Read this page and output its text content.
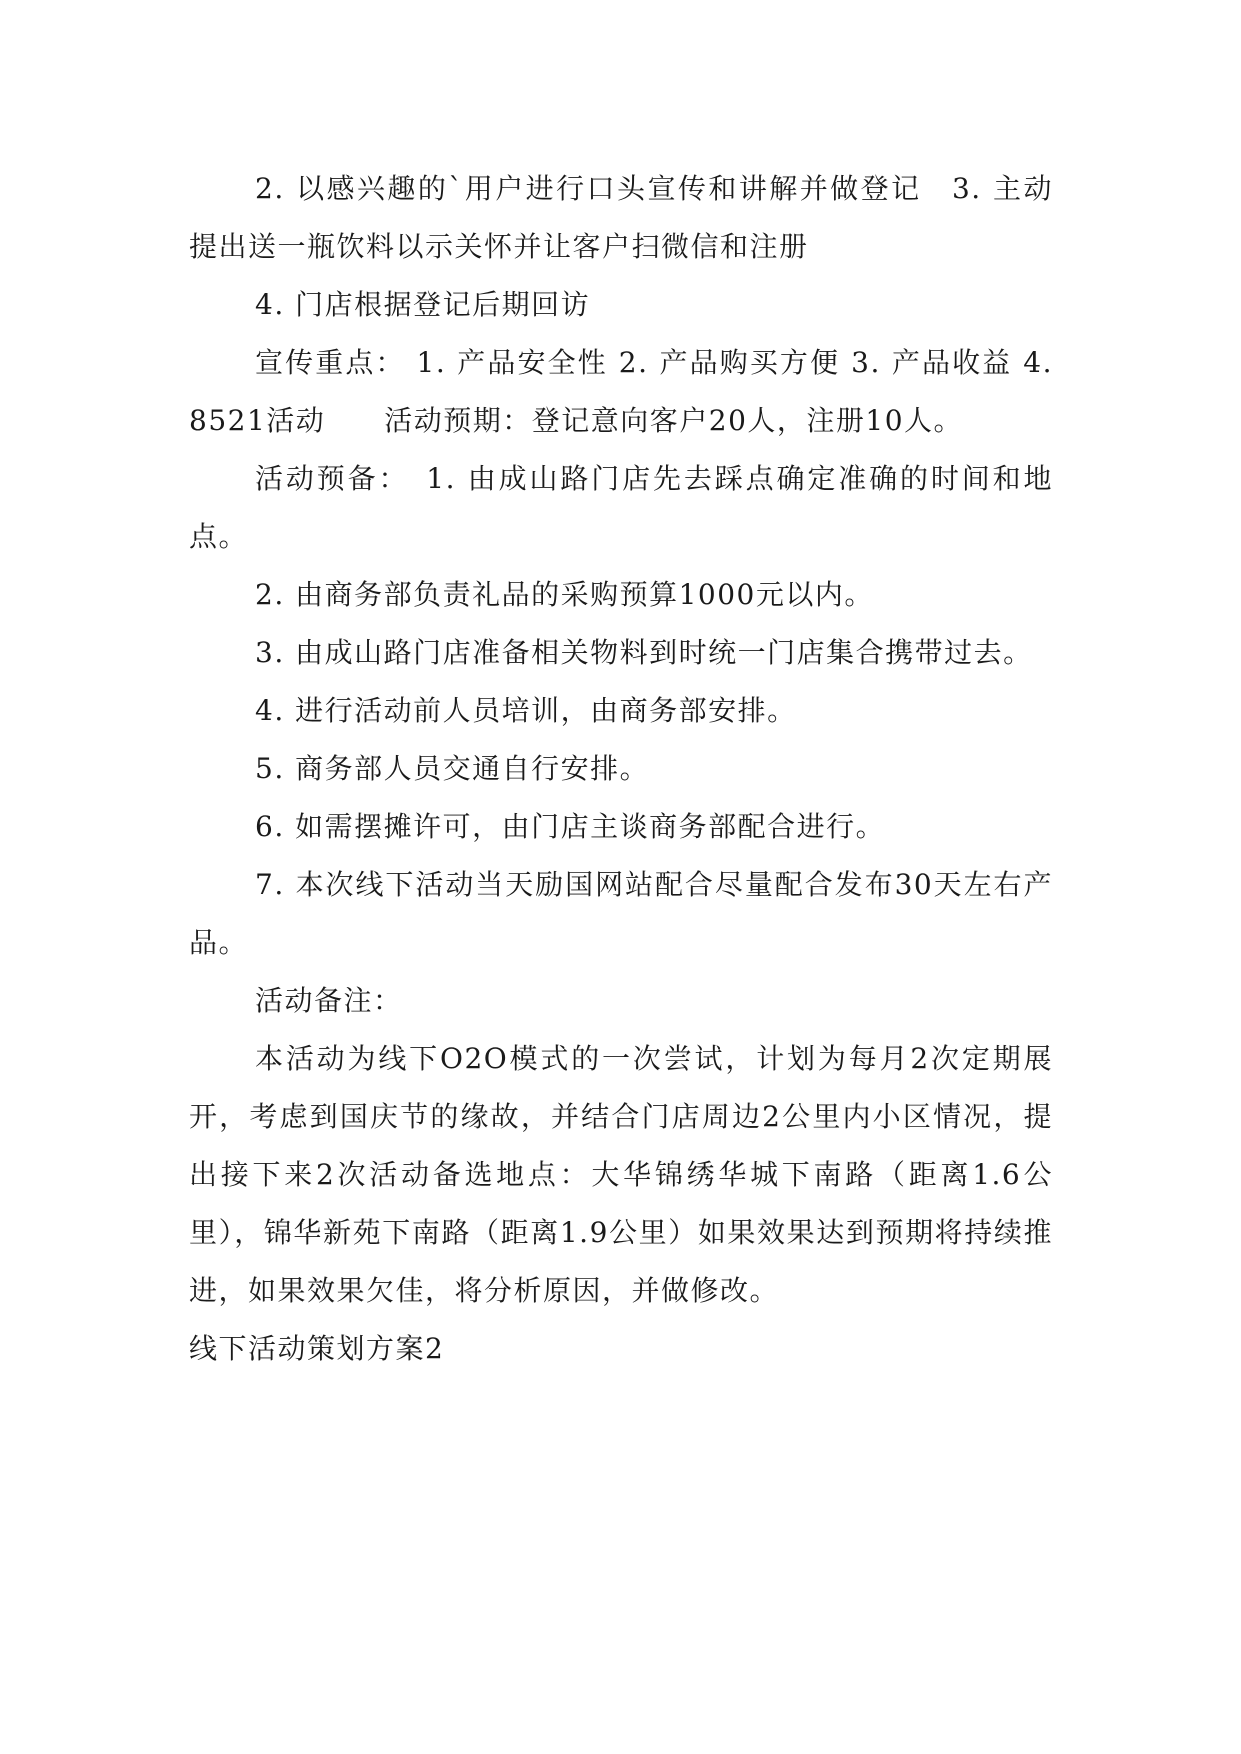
2. 以感兴趣的`用户进行口头宣传和讲解并做登记　3. 主动提出送一瓶饮料以示关怀并让客户扫微信和注册

4. 门店根据登记后期回访

宣传重点： 1. 产品安全性 2. 产品购买方便 3. 产品收益 4. 8521活动　　活动预期：登记意向客户20人，注册10人。

活动预备：　1. 由成山路门店先去踩点确定准确的时间和地点。

2. 由商务部负责礼品的采购预算1000元以内。

3. 由成山路门店准备相关物料到时统一门店集合携带过去。

4. 进行活动前人员培训，由商务部安排。

5. 商务部人员交通自行安排。

6. 如需摆摊许可，由门店主谈商务部配合进行。

7. 本次线下活动当天励国网站配合尽量配合发布30天左右产品。

活动备注：

本活动为线下O2O模式的一次尝试，计划为每月2次定期展开，考虑到国庆节的缘故，并结合门店周边2公里内小区情况，提出接下来2次活动备选地点：大华锦绣华城下南路（距离1.6公里），锦华新苑下南路（距离1.9公里）如果效果达到预期将持续推进，如果效果欠佳，将分析原因，并做修改。

线下活动策划方案2
